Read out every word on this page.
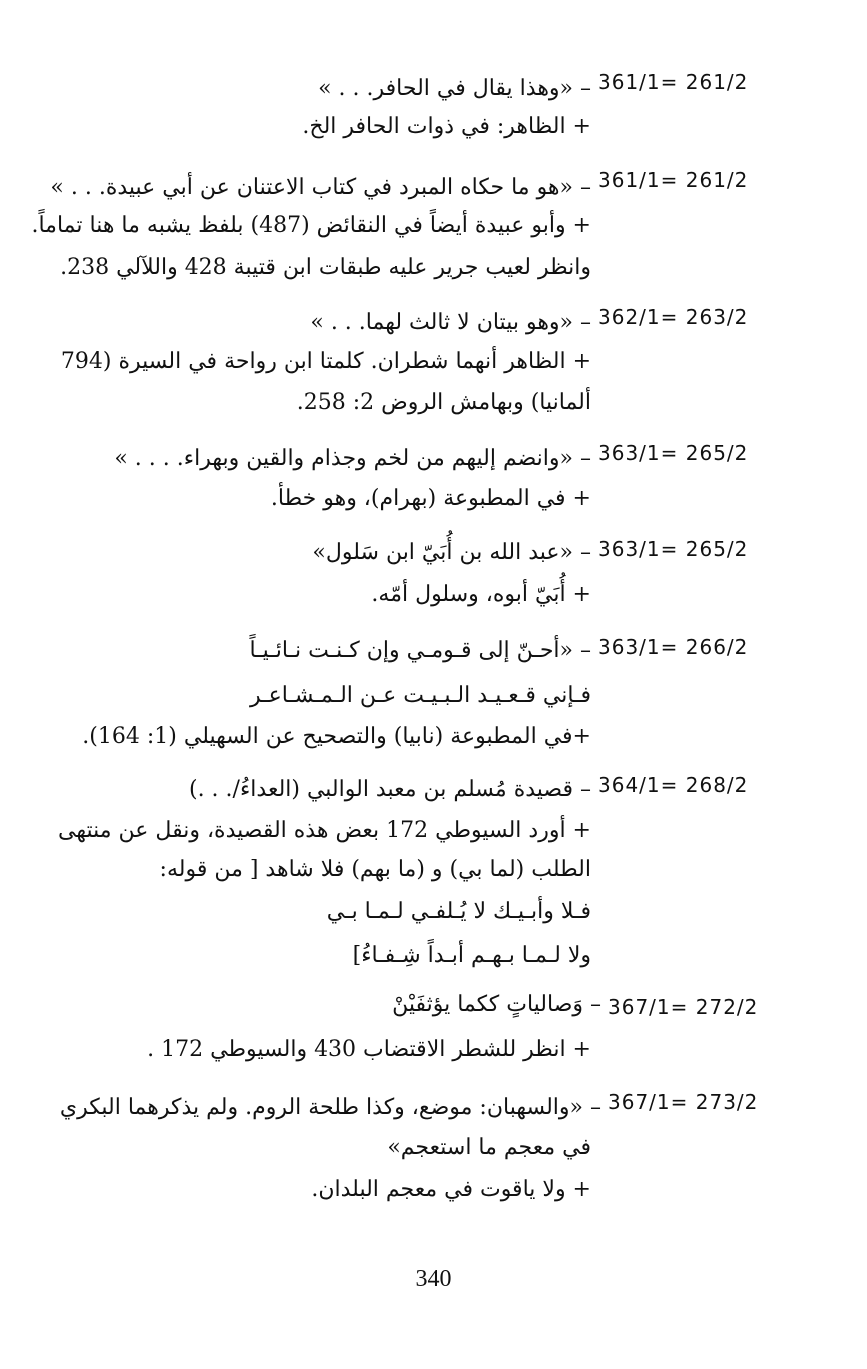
361/1= 261/2
– «وهذا يقال في الحافر. . . »
+ الظاهر: في ذوات الحافر الخ.
361/1= 261/2
– «هو ما حكاه المبرد في كتاب الاعتنان عن أبي عبيدة. . . »
+ وأبو عبيدة أيضاً في النقائض (487) بلفظ يشبه ما هنا تماماً.
وانظر لعيب جرير عليه طبقات ابن قتيبة 428 واللآلي 238.
362/1= 263/2
– «وهو بيتان لا ثالث لهما. . . »
+ الظاهر أنهما شطران. كلمتا ابن رواحة في السيرة (794
ألمانيا) وبهامش الروض 2: 258.
363/1= 265/2
– «وانضم إليهم من لخم وجذام والقين وبهراء. . . . »
+ في المطبوعة (بهرام)، وهو خطأ.
363/1= 265/2
– «عبد الله بن أُبَيّ ابن سَلول»
+ أُبَيّ أبوه، وسلول أمّه.
363/1= 266/2
– «أحـنّ إلى قـومـي وإن كـنـت نـائـيـاً
فـإني قـعـيـد الـبـيـت عـن الـمـشـاعـر
+في المطبوعة (نابيا) والتصحيح عن السهيلي (1: 164).
364/1= 268/2
– قصيدة مُسلم بن معبد الوالبي (العداءُ/. . .)
+ أورد السيوطي 172 بعض هذه القصيدة، ونقل عن منتهى
الطلب (لما بي) و (ما بهم) فلا شاهد [ من قوله:
فـلا وأبـيـك لا يُـلفـي لـمـا بـي
ولا لـمـا بـهـم أبـداً شِـفـاءُ]
367/1= 272/2
– وَصالياتٍ ككما يؤثفَيْنْ
+ انظر للشطر الاقتضاب 430 والسيوطي 172 .
367/1= 273/2
– «والسهبان: موضع، وكذا طلحة الروم. ولم يذكرهما البكري
في معجم ما استعجم»
+ ولا ياقوت في معجم البلدان.
340
